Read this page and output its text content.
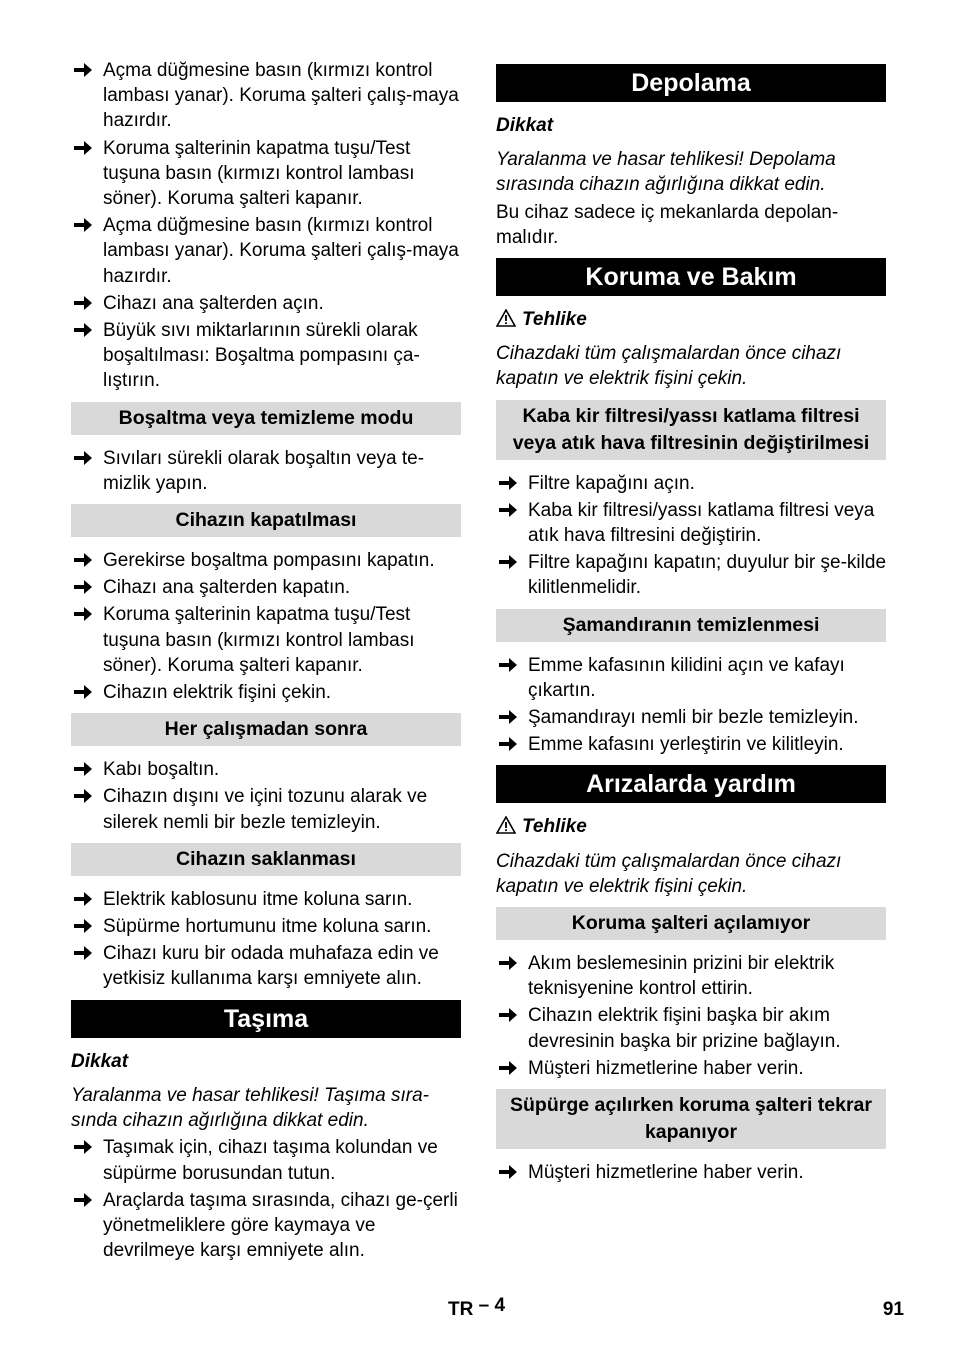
Açma düğmesine basın (kırmızı kontrol lambası yanar). Koruma şalteri çalış-maya hazırdır.
Koruma şalterinin kapatma tuşu/Test tuşuna basın (kırmızı kontrol lambası söner). Koruma şalteri kapanır.
Açma düğmesine basın (kırmızı kontrol lambası yanar). Koruma şalteri çalış-maya hazırdır.
Cihazı ana şalterden açın.
Büyük sıvı miktarlarının sürekli olarak boşaltılması: Boşaltma pompasını ça-lıştırın.
Boşaltma veya temizleme modu
Sıvıları sürekli olarak boşaltın veya te-mizlik yapın.
Cihazın kapatılması
Gerekirse boşaltma pompasını kapatın.
Cihazı ana şalterden kapatın.
Koruma şalterinin kapatma tuşu/Test tuşuna basın (kırmızı kontrol lambası söner). Koruma şalteri kapanır.
Cihazın elektrik fişini çekin.
Her çalışmadan sonra
Kabı boşaltın.
Cihazın dışını ve içini tozunu alarak ve silerek nemli bir bezle temizleyin.
Cihazın saklanması
Elektrik kablosunu itme koluna sarın.
Süpürme hortumunu itme koluna sarın.
Cihazı kuru bir odada muhafaza edin ve yetkisiz kullanıma karşı emniyete alın.
Taşıma
Dikkat
Yaralanma ve hasar tehlikesi! Taşıma sıra-sında cihazın ağırlığına dikkat edin.
Taşımak için, cihazı taşıma kolundan ve süpürme borusundan tutun.
Araçlarda taşıma sırasında, cihazı ge-çerli yönetmeliklere göre kaymaya ve devrilmeye karşı emniyete alın.
Depolama
Dikkat
Yaralanma ve hasar tehlikesi! Depolama sırasında cihazın ağırlığına dikkat edin.
Bu cihaz sadece iç mekanlarda depolan-malıdır.
Koruma ve Bakım
Tehlike
Cihazdaki tüm çalışmalardan önce cihazı kapatın ve elektrik fişini çekin.
Kaba kir filtresi/yassı katlama filtresi veya atık hava filtresinin değiştirilmesi
Filtre kapağını açın.
Kaba kir filtresi/yassı katlama filtresi veya atık hava filtresini değiştirin.
Filtre kapağını kapatın; duyulur bir şe-kilde kilitlenmelidir.
Şamandıranın temizlenmesi
Emme kafasının kilidini açın ve kafayı çıkartın.
Şamandırayı nemli bir bezle temizleyin.
Emme kafasını yerleştirin ve kilitleyin.
Arızalarda yardım
Tehlike
Cihazdaki tüm çalışmalardan önce cihazı kapatın ve elektrik fişini çekin.
Koruma şalteri açılamıyor
Akım beslemesinin prizini bir elektrik teknisyenine kontrol ettirin.
Cihazın elektrik fişini başka bir akım devresinin başka bir prizine bağlayın.
Müşteri hizmetlerine haber verin.
Süpürge açılırken koruma şalteri tekrar kapanıyor
Müşteri hizmetlerine haber verin.
TR – 4	91
